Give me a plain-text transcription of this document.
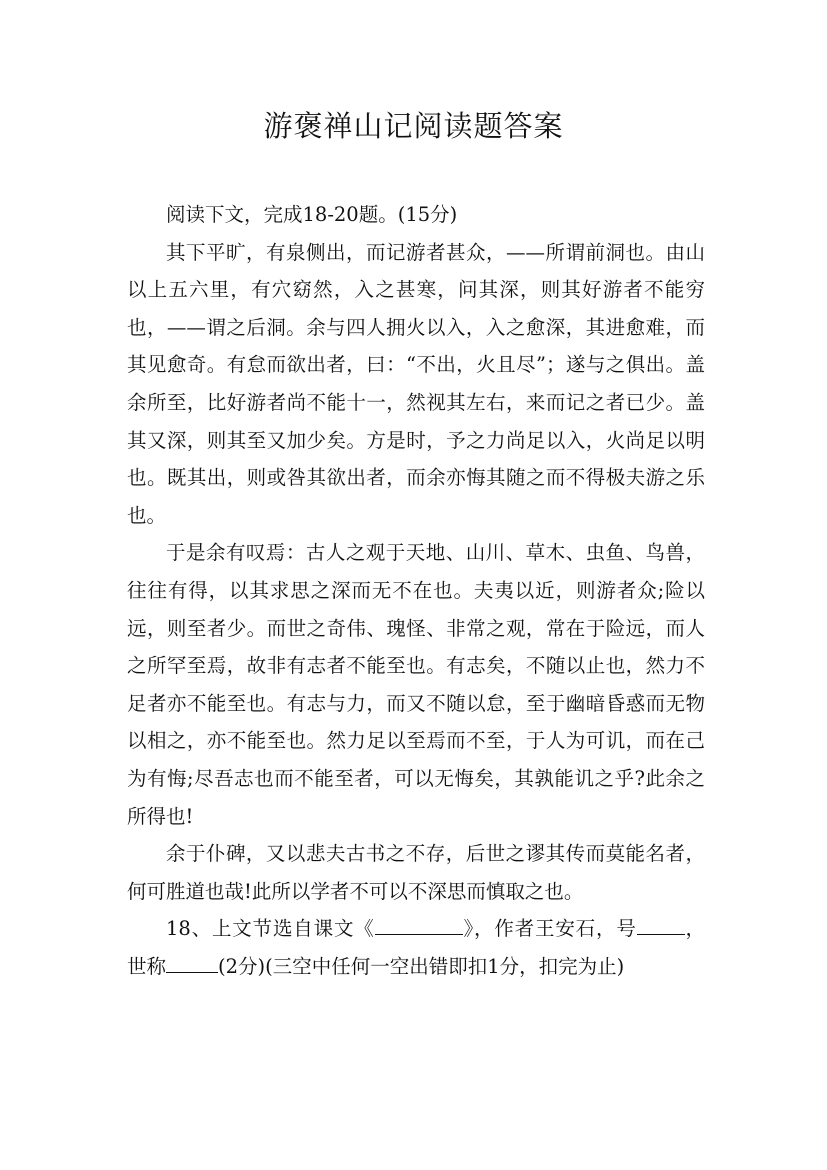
游褒禅山记阅读题答案

阅读下文，完成18-20题。(15分)

其下平旷，有泉侧出，而记游者甚众，——所谓前洞也。由山以上五六里，有穴窈然，入之甚寒，问其深，则其好游者不能穷也，——谓之后洞。余与四人拥火以入，入之愈深，其进愈难，而其见愈奇。有怠而欲出者，曰：“不出，火且尽”；遂与之俱出。盖余所至，比好游者尚不能十一，然视其左右，来而记之者已少。盖其又深，则其至又加少矣。方是时，予之力尚足以入，火尚足以明也。既其出，则或咎其欲出者，而余亦悔其随之而不得极夫游之乐也。

于是余有叹焉：古人之观于天地、山川、草木、虫鱼、鸟兽，往往有得，以其求思之深而无不在也。夫夷以近，则游者众;险以远，则至者少。而世之奇伟、瑰怪、非常之观，常在于险远，而人之所罕至焉，故非有志者不能至也。有志矣，不随以止也，然力不足者亦不能至也。有志与力，而又不随以怠，至于幽暗昏惑而无物以相之，亦不能至也。然力足以至焉而不至，于人为可讥，而在己为有悔;尽吾志也而不能至者，可以无悔矣，其孰能讥之乎?此余之所得也!

余于仆碑，又以悲夫古书之不存，后世之谬其传而莫能名者，何可胜道也哉!此所以学者不可以不深思而慎取之也。

18、上文节选自课文《	》，作者王安石，号 ，世称	(2分)(三空中任何一空出错即扣1分，扣完为止)
